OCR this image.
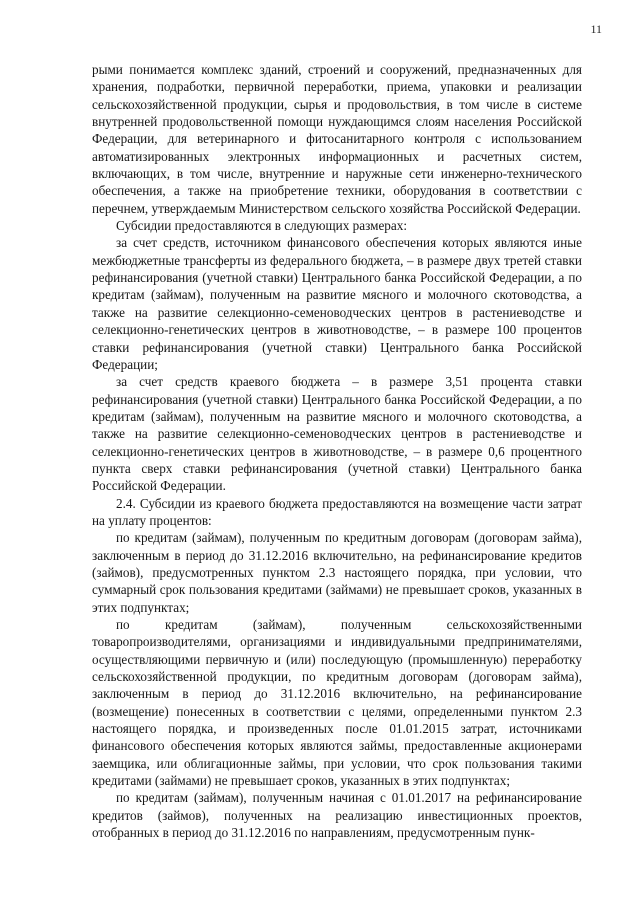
11

рыми понимается комплекс зданий, строений и сооружений, предназначенных для хранения, подработки, первичной переработки, приема, упаковки и реализации сельскохозяйственной продукции, сырья и продовольствия, в том числе в системе внутренней продовольственной помощи нуждающимся слоям населения Российской Федерации, для ветеринарного и фитосанитарного контроля с использованием автоматизированных электронных информационных и расчетных систем, включающих, в том числе, внутренние и наружные сети инженерно-технического обеспечения, а также на приобретение техники, оборудования в соответствии с перечнем, утверждаемым Министерством сельского хозяйства Российской Федерации.

Субсидии предоставляются в следующих размерах:

за счет средств, источником финансового обеспечения которых являются иные межбюджетные трансферты из федерального бюджета, – в размере двух третей ставки рефинансирования (учетной ставки) Центрального банка Российской Федерации, а по кредитам (займам), полученным на развитие мясного и молочного скотоводства, а также на развитие селекционно-семеноводческих центров в растениеводстве и селекционно-генетических центров в животноводстве, – в размере 100 процентов ставки рефинансирования (учетной ставки) Центрального банка Российской Федерации;

за счет средств краевого бюджета – в размере 3,51 процента ставки рефинансирования (учетной ставки) Центрального банка Российской Федерации, а по кредитам (займам), полученным на развитие мясного и молочного скотоводства, а также на развитие селекционно-семеноводческих центров в растениеводстве и селекционно-генетических центров в животноводстве, – в размере 0,6 процентного пункта сверх ставки рефинансирования (учетной ставки) Центрального банка Российской Федерации.

2.4. Субсидии из краевого бюджета предоставляются на возмещение части затрат на уплату процентов:

по кредитам (займам), полученным по кредитным договорам (договорам займа), заключенным в период до 31.12.2016 включительно, на рефинансирование кредитов (займов), предусмотренных пунктом 2.3 настоящего порядка, при условии, что суммарный срок пользования кредитами (займами) не превышает сроков, указанных в этих подпунктах;

по кредитам (займам), полученным сельскохозяйственными товаропроизводителями, организациями и индивидуальными предпринимателями, осуществляющими первичную и (или) последующую (промышленную) переработку сельскохозяйственной продукции, по кредитным договорам (договорам займа), заключенным в период до 31.12.2016 включительно, на рефинансирование (возмещение) понесенных в соответствии с целями, определенными пунктом 2.3 настоящего порядка, и произведенных после 01.01.2015 затрат, источниками финансового обеспечения которых являются займы, предоставленные акционерами заемщика, или облигационные займы, при условии, что срок пользования такими кредитами (займами) не превышает сроков, указанных в этих подпунктах;

по кредитам (займам), полученным начиная с 01.01.2017 на рефинансирование кредитов (займов), полученных на реализацию инвестиционных проектов, отобранных в период до 31.12.2016 по направлениям, предусмотренным пунк-
